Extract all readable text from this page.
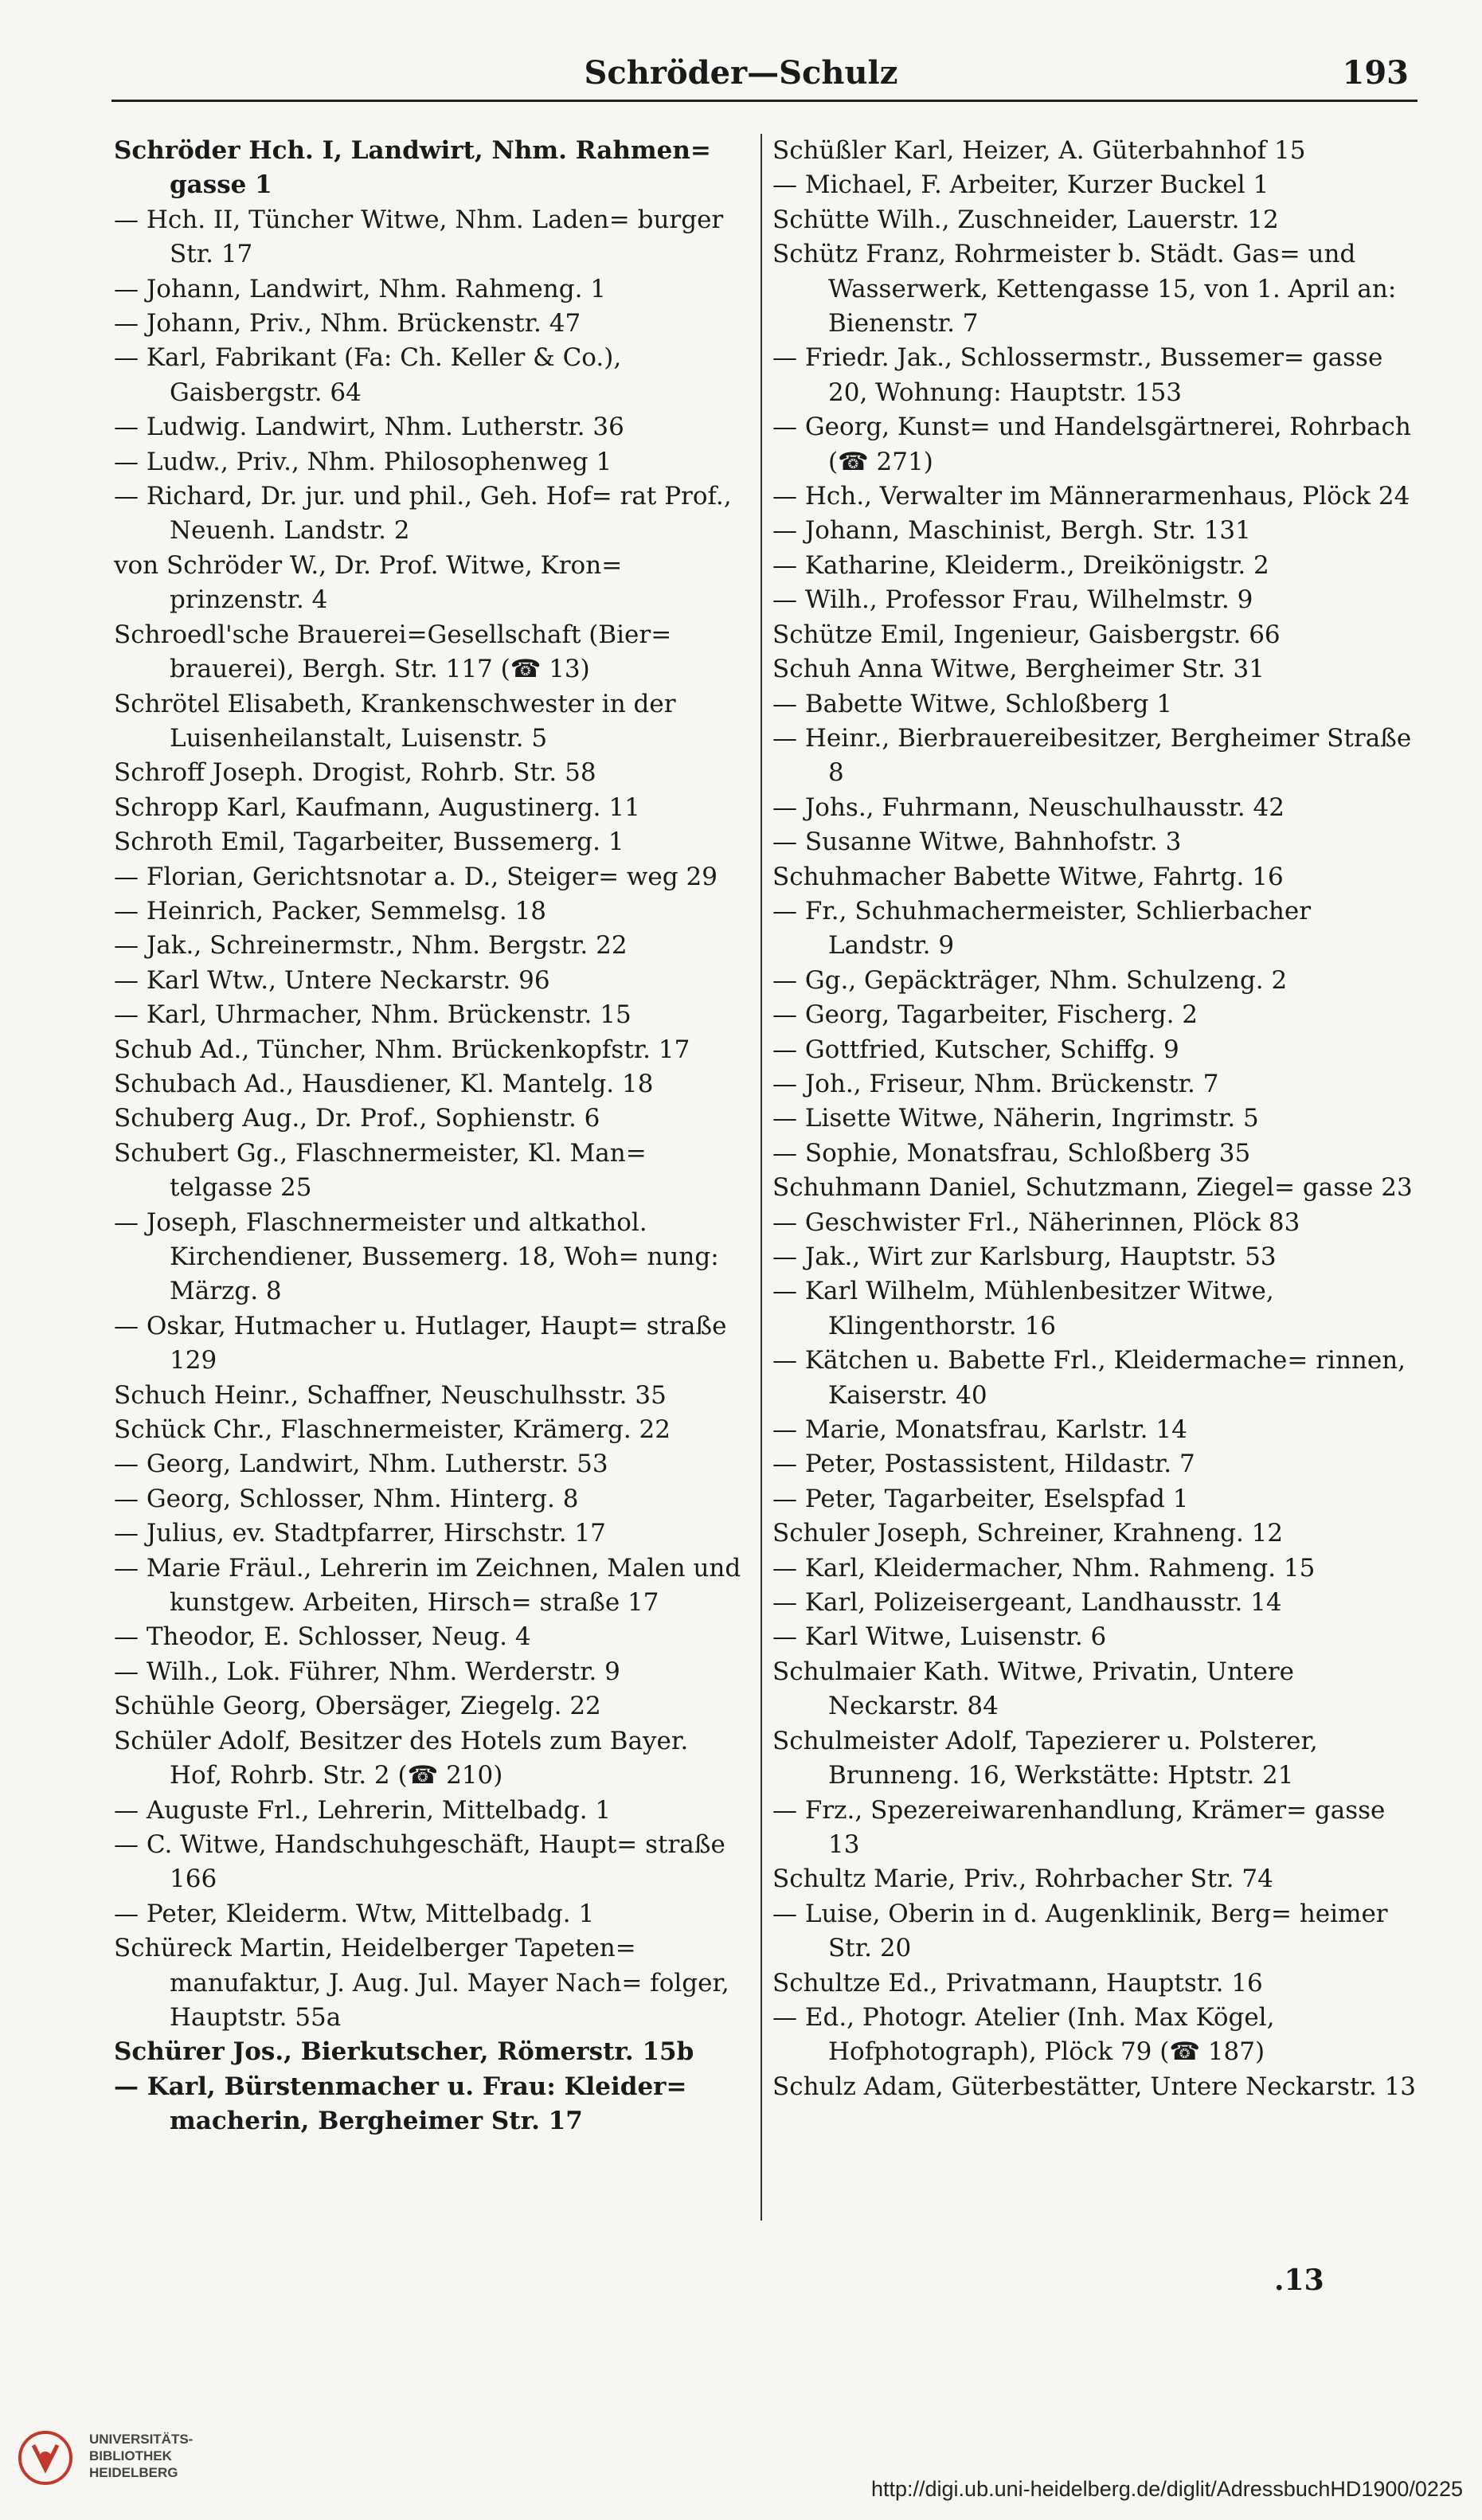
Schröder—Schulz	193

Schröder Hch. I, Landwirt, Nhm. Rahmen= gasse 1

— Hch. II, Tüncher Witwe, Nhm. Laden= burger Str. 17

— Johann, Landwirt, Nhm. Rahmeng. 1

— Johann, Priv., Nhm. Brückenstr. 47

— Karl, Fabrikant (Fa: Ch. Keller & Co.), Gaisbergstr. 64

— Ludwig. Landwirt, Nhm. Lutherstr. 36

— Ludw., Priv., Nhm. Philosophenweg 1

— Richard, Dr. jur. und phil., Geh. Hof= rat Prof., Neuenh. Landstr. 2

von Schröder W., Dr. Prof. Witwe, Kron= prinzenstr. 4

Schroedl'sche Brauerei=Gesellschaft (Bier= brauerei), Bergh. Str. 117 (☎ 13)

Schrötel Elisabeth, Krankenschwester in der Luisenheilanstalt, Luisenstr. 5

Schroff Joseph. Drogist, Rohrb. Str. 58

Schropp Karl, Kaufmann, Augustinerg. 11

Schroth Emil, Tagarbeiter, Bussemerg. 1

— Florian, Gerichtsnotar a. D., Steiger= weg 29

— Heinrich, Packer, Semmelsg. 18

— Jak., Schreinermstr., Nhm. Bergstr. 22

— Karl Wtw., Untere Neckarstr. 96

— Karl, Uhrmacher, Nhm. Brückenstr. 15

Schub Ad., Tüncher, Nhm. Brückenkopfstr. 17

Schubach Ad., Hausdiener, Kl. Mantelg. 18

Schuberg Aug., Dr. Prof., Sophienstr. 6

Schubert Gg., Flaschnermeister, Kl. Man= telgasse 25

— Joseph, Flaschnermeister und altkathol. Kirchendiener, Bussemerg. 18, Woh= nung: Märzg. 8

— Oskar, Hutmacher u. Hutlager, Haupt= straße 129

Schuch Heinr., Schaffner, Neuschulhsstr. 35

Schück Chr., Flaschnermeister, Krämerg. 22

— Georg, Landwirt, Nhm. Lutherstr. 53

— Georg, Schlosser, Nhm. Hinterg. 8

— Julius, ev. Stadtpfarrer, Hirschstr. 17

— Marie Fräul., Lehrerin im Zeichnen, Malen und kunstgew. Arbeiten, Hirsch= straße 17

— Theodor, E. Schlosser, Neug. 4

— Wilh., Lok. Führer, Nhm. Werderstr. 9

Schühle Georg, Obersäger, Ziegelg. 22

Schüler Adolf, Besitzer des Hotels zum Bayer. Hof, Rohrb. Str. 2 (☎ 210)

— Auguste Frl., Lehrerin, Mittelbadg. 1

— C. Witwe, Handschuhgeschäft, Haupt= straße 166

— Peter, Kleiderm. Wtw, Mittelbadg. 1

Schüreck Martin, Heidelberger Tapeten= manufaktur, J. Aug. Jul. Mayer Nach= folger, Hauptstr. 55a

Schürer Jos., Bierkutscher, Römerstr. 15b

— Karl, Bürstenmacher u. Frau: Kleider= macherin, Bergheimer Str. 17

Schüßler Karl, Heizer, A. Güterbahnhof 15

— Michael, F. Arbeiter, Kurzer Buckel 1

Schütte Wilh., Zuschneider, Lauerstr. 12

Schütz Franz, Rohrmeister b. Städt. Gas= und Wasserwerk, Kettengasse 15, von 1. April an: Bienenstr. 7

— Friedr. Jak., Schlossermstr., Bussemer= gasse 20, Wohnung: Hauptstr. 153

— Georg, Kunst= und Handelsgärtnerei, Rohrbach (☎ 271)

— Hch., Verwalter im Männerarmenhaus, Plöck 24

— Johann, Maschinist, Bergh. Str. 131

— Katharine, Kleiderm., Dreikönigstr. 2

— Wilh., Professor Frau, Wilhelmstr. 9

Schütze Emil, Ingenieur, Gaisbergstr. 66

Schuh Anna Witwe, Bergheimer Str. 31

— Babette Witwe, Schloßberg 1

— Heinr., Bierbrauereibesitzer, Bergheimer Straße 8

— Johs., Fuhrmann, Neuschulhausstr. 42

— Susanne Witwe, Bahnhofstr. 3

Schuhmacher Babette Witwe, Fahrtg. 16

— Fr., Schuhmachermeister, Schlierbacher Landstr. 9

— Gg., Gepäckträger, Nhm. Schulzeng. 2

— Georg, Tagarbeiter, Fischerg. 2

— Gottfried, Kutscher, Schiffg. 9

— Joh., Friseur, Nhm. Brückenstr. 7

— Lisette Witwe, Näherin, Ingrimstr. 5

— Sophie, Monatsfrau, Schloßberg 35

Schuhmann Daniel, Schutzmann, Ziegel= gasse 23

— Geschwister Frl., Näherinnen, Plöck 83

— Jak., Wirt zur Karlsburg, Hauptstr. 53

— Karl Wilhelm, Mühlenbesitzer Witwe, Klingenthorstr. 16

— Kätchen u. Babette Frl., Kleidermache= rinnen, Kaiserstr. 40

— Marie, Monatsfrau, Karlstr. 14

— Peter, Postassistent, Hildastr. 7

— Peter, Tagarbeiter, Eselspfad 1

Schuler Joseph, Schreiner, Krahneng. 12

— Karl, Kleidermacher, Nhm. Rahmeng. 15

— Karl, Polizeisergeant, Landhausstr. 14

— Karl Witwe, Luisenstr. 6

Schulmaier Kath. Witwe, Privatin, Untere Neckarstr. 84

Schulmeister Adolf, Tapezierer u. Polsterer, Brunneng. 16, Werkstätte: Hptstr. 21

— Frz., Spezereiwarenhandlung, Krämer= gasse 13

Schultz Marie, Priv., Rohrbacher Str. 74

— Luise, Oberin in d. Augenklinik, Berg= heimer Str. 20

Schultze Ed., Privatmann, Hauptstr. 16

— Ed., Photogr. Atelier (Inh. Max Kögel, Hofphotograph), Plöck 79 (☎ 187)

Schulz Adam, Güterbestätter, Untere Neckarstr. 13

.13
UNIVERSITÄTS-
BIBLIOTHEK
HEIDELBERG
http://digi.ub.uni-heidelberg.de/diglit/AdressbuchHD1900/0225
